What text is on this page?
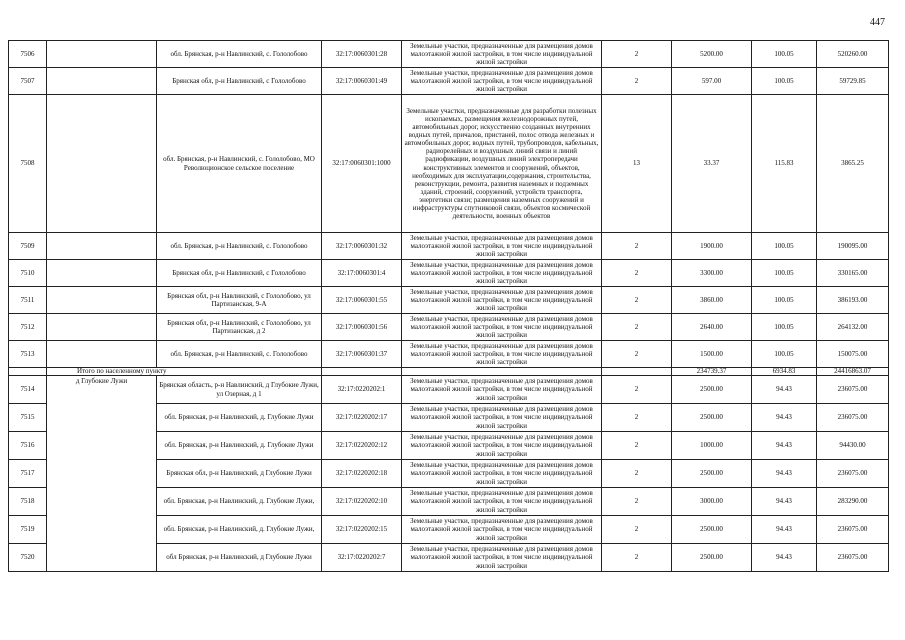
447
7506		обл. Брянская, р-н Навлинский, с. Гололобово	32:17:0060301:28	Земельные участки, предназначенные для размещения домов малоэтажной жилой застройки, в том числе индивидуальной жилой застройки	2	5200.00	100.05	520260.00
7507		Брянская обл, р-н Навлинский, с Гололобово	32:17:0060301:49	Земельные участки, предназначенные для размещения домов малоэтажной жилой застройки, в том числе индивидуальной жилой застройки	2	597.00	100.05	59729.85
7508		обл. Брянская, р-н Навлинский, с. Гололобово, МО Революционское сельское поселение	32:17:0060301:1000	Земельные участки, предназначенные для разработки полезных ископаемых, размещения железнодорожных путей, автомобильных дорог, искусственно созданных внутренних водных путей, причалов, пристаней, полос отвода железных и автомобильных дорог, водных путей, трубопроводов, кабельных, радиорелейных и воздушных линий связи и линий радиофикации, воздушных линий электропередачи конструктивных элементов и сооружений, объектов, необходимых для эксплуатации,содержания, строительства, реконструкции, ремонта, развития наземных и подземных зданий, строений, сооружений, устройств транспорта, энергетики связи; размещения наземных сооружений и инфраструктуры спутниковой связи, объектов космической деятельности, военных объектов	13	33.37	115.83	3865.25
7509		обл. Брянская, р-н Навлинский, с. Гололобово	32:17:0060301:32	Земельные участки, предназначенные для размещения домов малоэтажной жилой застройки, в том числе индивидуальной жилой застройки	2	1900.00	100.05	190095.00
7510		Брянская обл, р-н Навлинский, с Гололобово	32:17:0060301:4	Земельные участки, предназначенные для размещения домов малоэтажной жилой застройки, в том числе индивидуальной жилой застройки	2	3300.00	100.05	330165.00
7511		Брянская обл, р-н Навлинский, с Гололобово, ул Партизанская, 9-А	32:17:0060301:55	Земельные участки, предназначенные для размещения домов малоэтажной жилой застройки, в том числе индивидуальной жилой застройки	2	3860.00	100.05	386193.00
7512		Брянская обл, р-н Навлинский, с Гололобово, ул Партизанская, д 2	32:17:0060301:56	Земельные участки, предназначенные для размещения домов малоэтажной жилой застройки, в том числе индивидуальной жилой застройки	2	2640.00	100.05	264132.00
7513		обл. Брянская, р-н Навлинский, с. Гололобово	32:17:0060301:37	Земельные участки, предназначенные для размещения домов малоэтажной жилой застройки, в том числе индивидуальной жилой застройки	2	1500.00	100.05	150075.00
	Итого по населенному пункту					234739.37	6934.83	24416863.07
7514	д Глубокие Лужи	Брянская область, р-н Навлинский, д Глубокие Лужи, ул Озерная, д 1	32:17:0220202:1	Земельные участки, предназначенные для размещения домов малоэтажной жилой застройки, в том числе индивидуальной жилой застройки	2	2500.00	94.43	236075.00
7515		обл. Брянская, р-н Навлинский, д. Глубокие Лужи	32:17:0220202:17	Земельные участки, предназначенные для размещения домов малоэтажной жилой застройки, в том числе индивидуальной жилой застройки	2	2500.00	94.43	236075.00
7516		обл. Брянская, р-н Навлинский, д. Глубокие Лужи	32:17:0220202:12	Земельные участки, предназначенные для размещения домов малоэтажной жилой застройки, в том числе индивидуальной жилой застройки	2	1000.00	94.43	94430.00
7517		Брянская обл, р-н Навлинский, д Глубокие Лужи	32:17:0220202:18	Земельные участки, предназначенные для размещения домов малоэтажной жилой застройки, в том числе индивидуальной жилой застройки	2	2500.00	94.43	236075.00
7518		обл. Брянская, р-н Навлинский, д. Глубокие Лужи,	32:17:0220202:10	Земельные участки, предназначенные для размещения домов малоэтажной жилой застройки, в том числе индивидуальной жилой застройки	2	3000.00	94.43	283290.00
7519		обл. Брянская, р-н Навлинский, д. Глубокие Лужи,	32:17:0220202:15	Земельные участки, предназначенные для размещения домов малоэтажной жилой застройки, в том числе индивидуальной жилой застройки	2	2500.00	94.43	236075.00
7520		обл Брянская, р-н Навлинский, д Глубокие Лужи	32:17:0220202:7	Земельные участки, предназначенные для размещения домов малоэтажной жилой застройки, в том числе индивидуальной жилой застройки	2	2500.00	94.43	236075.00
